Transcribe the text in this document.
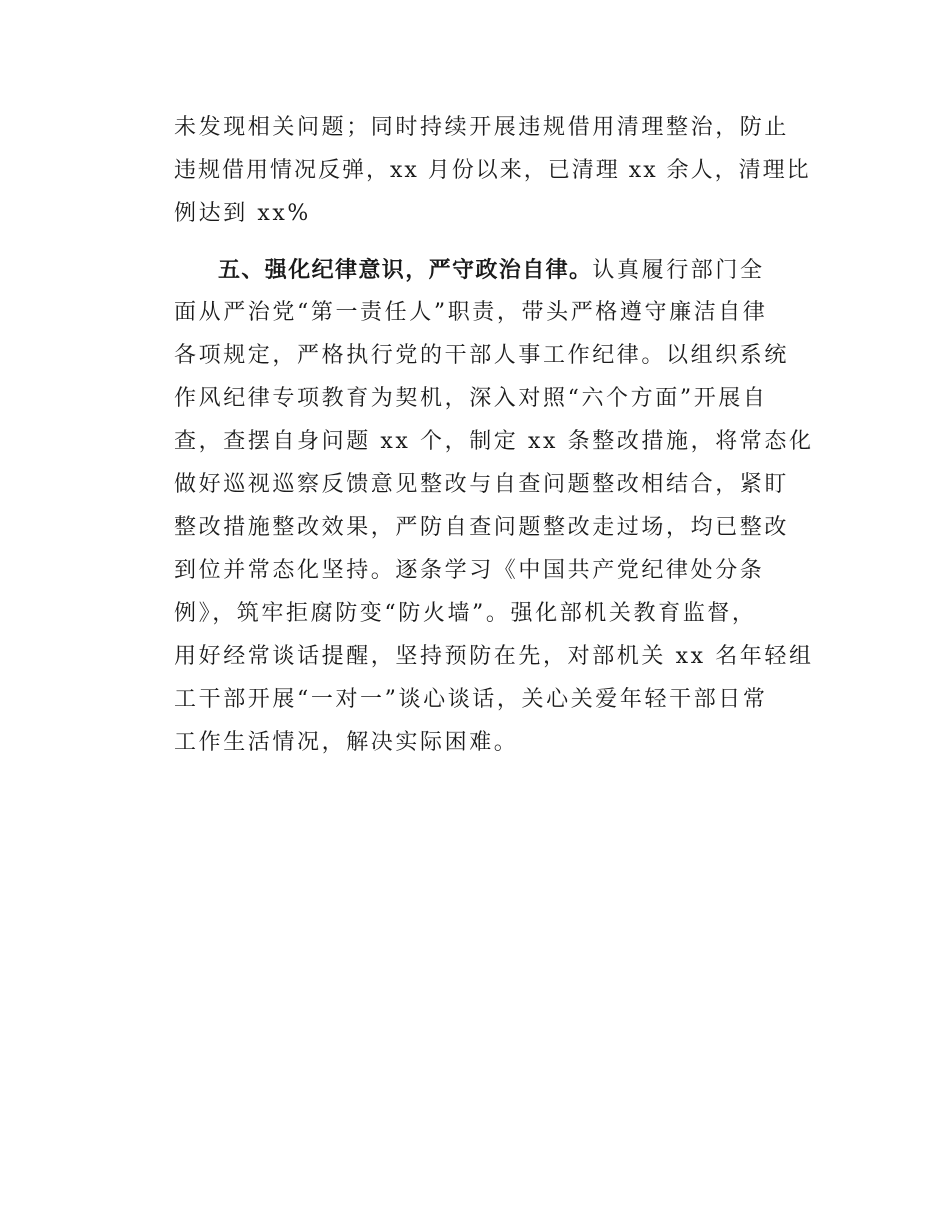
未发现相关问题；同时持续开展违规借用清理整治，防止
违规借用情况反弹，xx 月份以来，已清理 xx 余人，清理比
例达到 xx%
五、强化纪律意识，严守政治自律。认真履行部门全
面从严治党“第一责任人”职责，带头严格遵守廉洁自律
各项规定，严格执行党的干部人事工作纪律。以组织系统
作风纪律专项教育为契机，深入对照“六个方面”开展自
查，查摆自身问题 xx 个，制定 xx 条整改措施，将常态化
做好巡视巡察反馈意见整改与自查问题整改相结合，紧盯
整改措施整改效果，严防自查问题整改走过场，均已整改
到位并常态化坚持。逐条学习《中国共产党纪律处分条
例》，筑牢拒腐防变“防火墙”。强化部机关教育监督，
用好经常谈话提醒，坚持预防在先，对部机关 xx 名年轻组
工干部开展“一对一”谈心谈话，关心关爱年轻干部日常
工作生活情况，解决实际困难。
